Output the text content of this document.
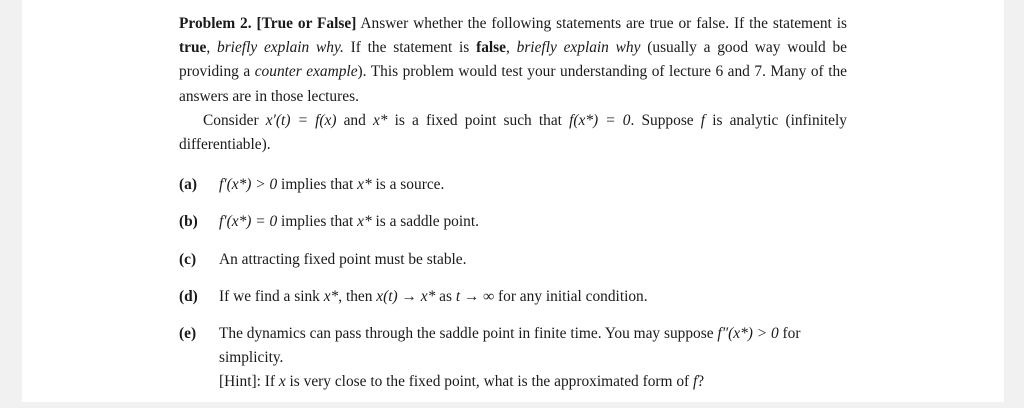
Problem 2. [True or False] Answer whether the following statements are true or false. If the statement is true, briefly explain why. If the statement is false, briefly explain why (usually a good way would be providing a counter example). This problem would test your understanding of lecture 6 and 7. Many of the answers are in those lectures.

Consider x′(t) = f(x) and x* is a fixed point such that f(x*) = 0. Suppose f is analytic (infinitely differentiable).

(a) f′(x*) > 0 implies that x* is a source.

(b) f′(x*) = 0 implies that x* is a saddle point.

(c) An attracting fixed point must be stable.

(d) If we find a sink x*, then x(t) → x* as t → ∞ for any initial condition.

(e) The dynamics can pass through the saddle point in finite time. You may suppose f″(x*) > 0 for simplicity.

[Hint]: If x is very close to the fixed point, what is the approximated form of f?
